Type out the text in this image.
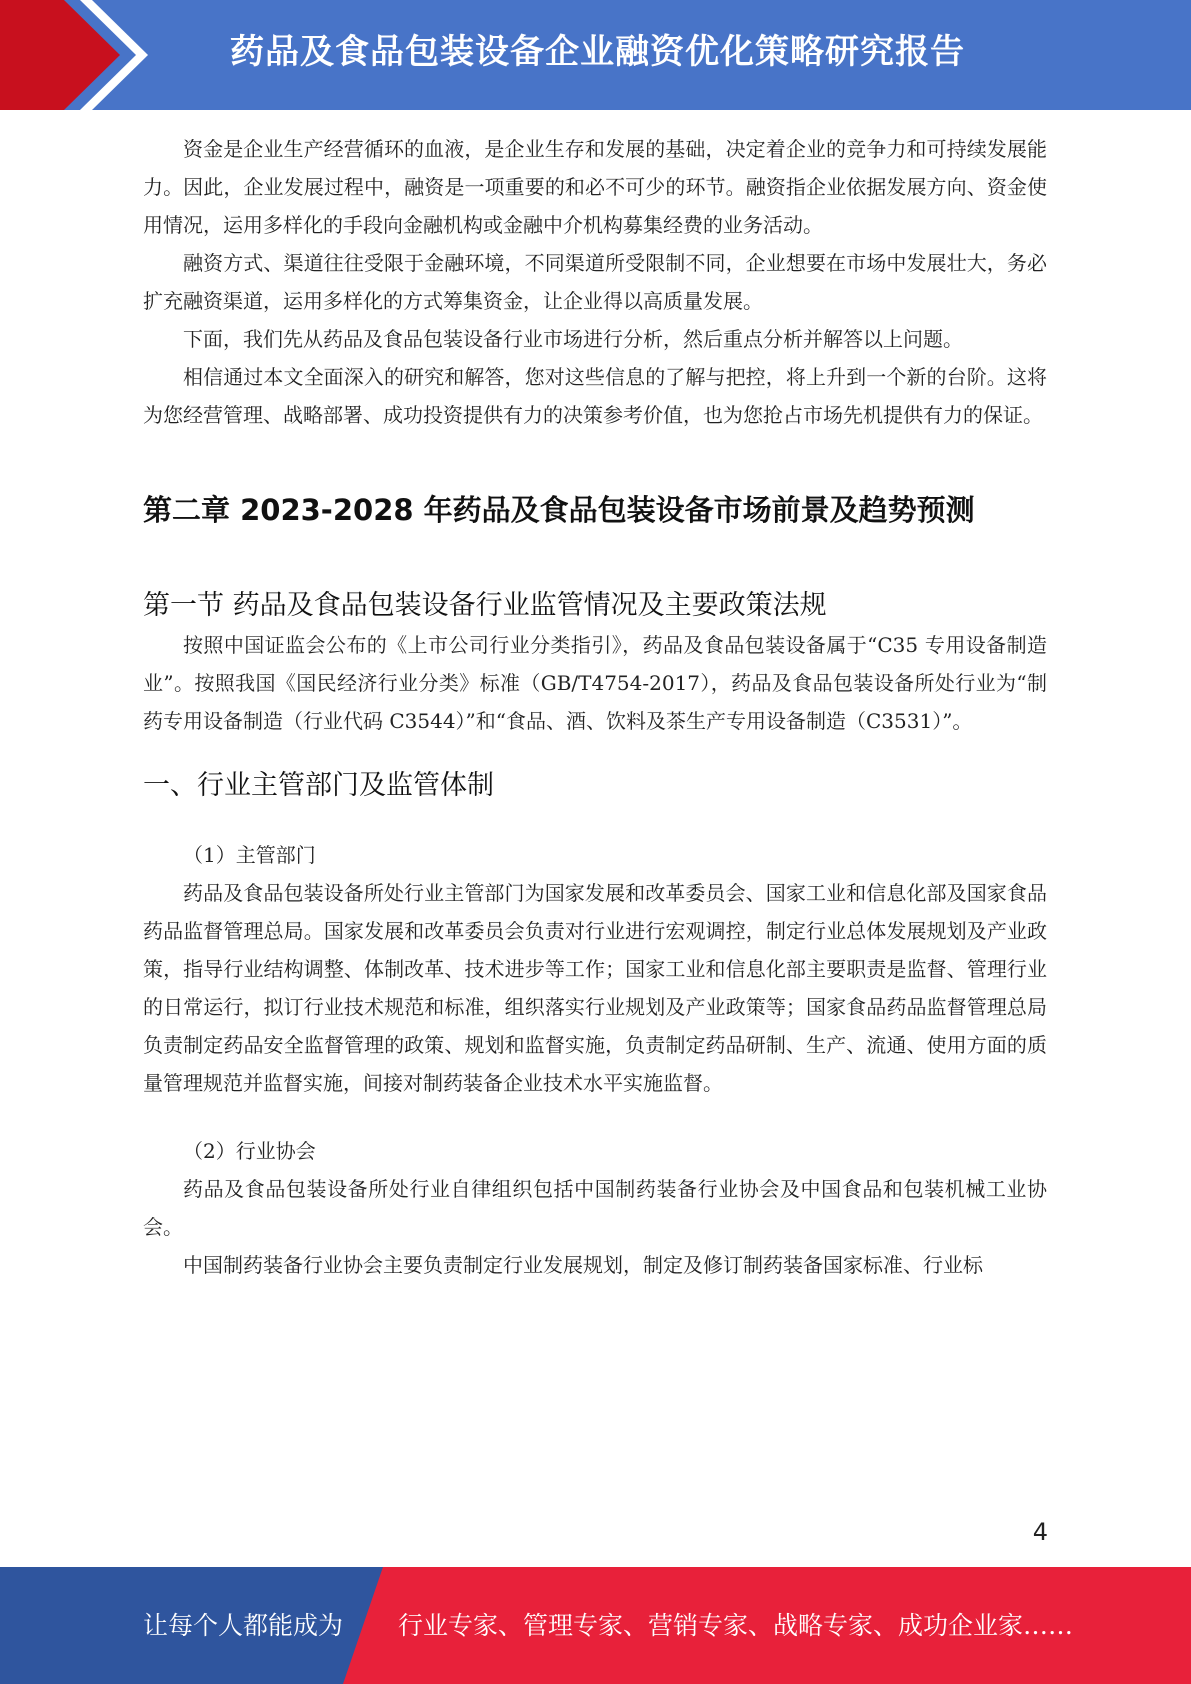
药品及食品包装设备企业融资优化策略研究报告

资金是企业生产经营循环的血液，是企业生存和发展的基础，决定着企业的竞争力和可持续发展能力。因此，企业发展过程中，融资是一项重要的和必不可少的环节。融资指企业依据发展方向、资金使用情况，运用多样化的手段向金融机构或金融中介机构募集经费的业务活动。

融资方式、渠道往往受限于金融环境，不同渠道所受限制不同，企业想要在市场中发展壮大，务必扩充融资渠道，运用多样化的方式筹集资金，让企业得以高质量发展。

下面，我们先从药品及食品包装设备行业市场进行分析，然后重点分析并解答以上问题。

相信通过本文全面深入的研究和解答，您对这些信息的了解与把控，将上升到一个新的台阶。这将为您经营管理、战略部署、成功投资提供有力的决策参考价值，也为您抢占市场先机提供有力的保证。

第二章 2023-2028 年药品及食品包装设备市场前景及趋势预测
第一节 药品及食品包装设备行业监管情况及主要政策法规

按照中国证监会公布的《上市公司行业分类指引》，药品及食品包装设备属于“C35 专用设备制造业”。按照我国《国民经济行业分类》标准（GB/T4754-2017），药品及食品包装设备所处行业为“制药专用设备制造（行业代码 C3544）”和“食品、酒、饮料及茶生产专用设备制造（C3531）”。

一、行业主管部门及监管体制

（1）主管部门

药品及食品包装设备所处行业主管部门为国家发展和改革委员会、国家工业和信息化部及国家食品药品监督管理总局。国家发展和改革委员会负责对行业进行宏观调控，制定行业总体发展规划及产业政策，指导行业结构调整、体制改革、技术进步等工作；国家工业和信息化部主要职责是监督、管理行业的日常运行，拟订行业技术规范和标准，组织落实行业规划及产业政策等；国家食品药品监督管理总局负责制定药品安全监督管理的政策、规划和监督实施，负责制定药品研制、生产、流通、使用方面的质量管理规范并监督实施，间接对制药装备企业技术水平实施监督。

（2）行业协会

药品及食品包装设备所处行业自律组织包括中国制药装备行业协会及中国食品和包装机械工业协会。

中国制药装备行业协会主要负责制定行业发展规划，制定及修订制药装备国家标准、行业标

4
让每个人都能成为 行业专家、管理专家、营销专家、战略专家、成功企业家……
